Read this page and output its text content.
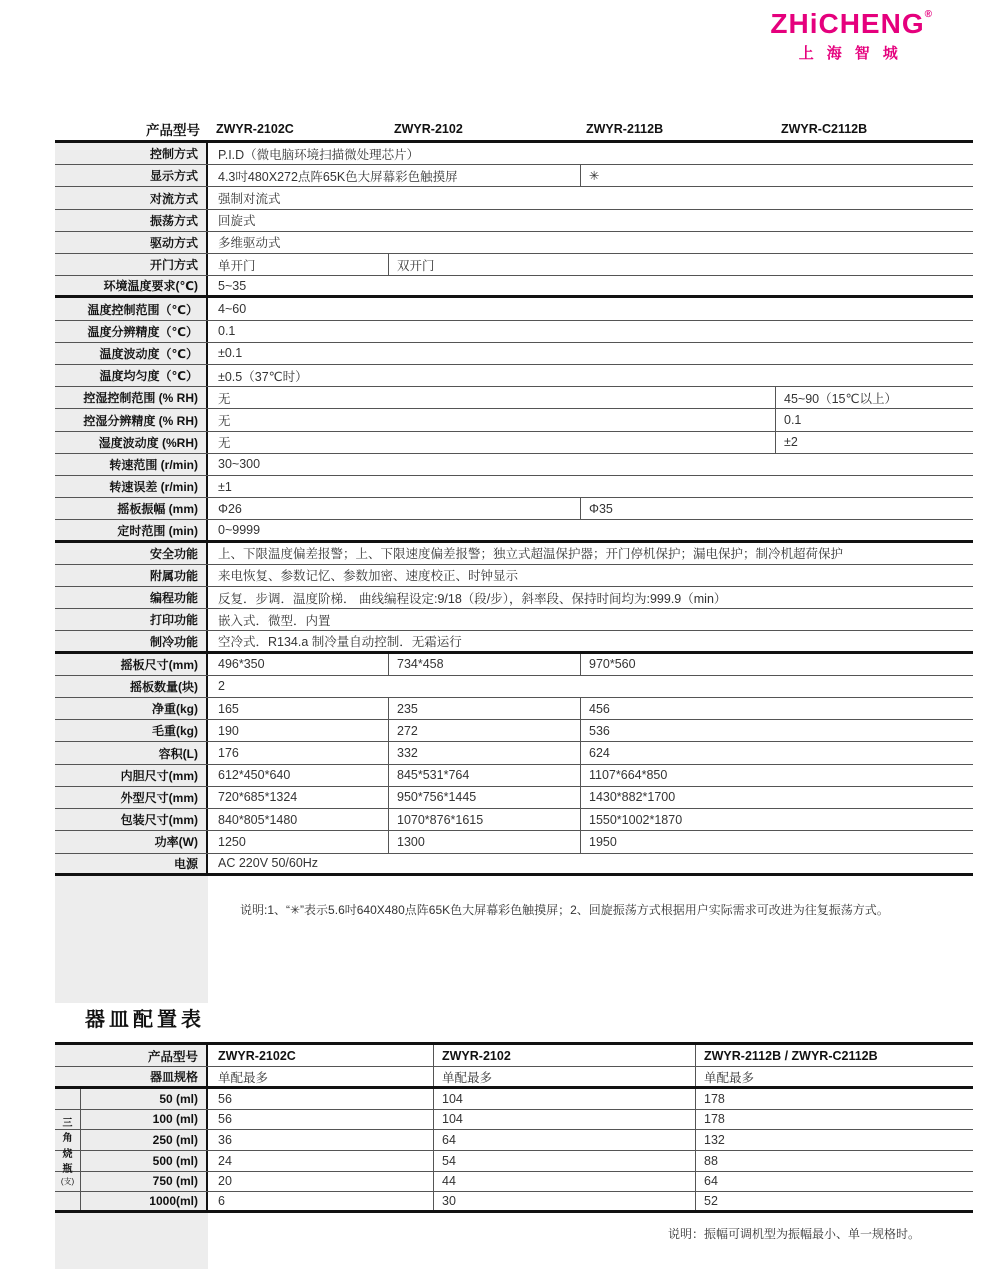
ZHiCHENG®
上海智城
产品型号 ZWYR-2102C	ZWYR-2102	ZWYR-2112B	ZWYR-C2112B
控制方式	P.I.D（微电脑环境扫描微处理芯片）
显示方式	4.3吋480X272点阵65K色大屏幕彩色触摸屏	✳
对流方式	强制对流式
振荡方式	回旋式
驱动方式	多维驱动式
开门方式	单开门	双开门
环境温度要求(℃)	5~35
温度控制范围（℃）	4~60
温度分辨精度（℃）	0.1
温度波动度（℃）	±0.1
温度均匀度（℃）	±0.5（37℃时）
控湿控制范围 (% RH)	无	45~90（15℃以上）
控湿分辨精度 (% RH)	无	0.1
湿度波动度 (%RH)	无	±2
转速范围 (r/min)	30~300
转速误差 (r/min)	±1
摇板振幅 (mm)	Φ26	Φ35
定时范围 (min)	0~9999
安全功能	上、下限温度偏差报警；上、下限速度偏差报警；独立式超温保护器；开门停机保护；漏电保护；制冷机超荷保护
附属功能	来电恢复、参数记忆、参数加密、速度校正、时钟显示
编程功能	反复．步调．温度阶梯． 曲线编程设定:9/18（段/步），斜率段、保持时间均为:999.9（min）
打印功能	嵌入式．微型．内置
制冷功能	空冷式．R134.a 制冷量自动控制．无霜运行
摇板尺寸(mm)	496*350	734*458	970*560
摇板数量(块)	2
净重(kg)	165	235	456
毛重(kg)	190	272	536
容积(L)	176	332	624
内胆尺寸(mm)	612*450*640	845*531*764	1107*664*850
外型尺寸(mm)	720*685*1324	950*756*1445	1430*882*1700
包装尺寸(mm)	840*805*1480	1070*876*1615	1550*1002*1870
功率(W)	1250	1300	1950
电源	AC 220V 50/60Hz
说明:1、“✳”表示5.6吋640X480点阵65K色大屏幕彩色触摸屏；2、回旋振荡方式根据用户实际需求可改进为往复振荡方式。
器皿配置表
产品型号	ZWYR-2102C	ZWYR-2102	ZWYR-2112B / ZWYR-C2112B
器皿规格	单配最多	单配最多	单配最多
50 (ml)	56	104	178
100 (ml)	56	104	178
250 (ml)	36	64	132
500 (ml)	24	54	88
750 (ml)	20	44	64
1000(ml)	6	30	52
三
角
烧
瓶
(支)
说明：振幅可调机型为振幅最小、单一规格时。
